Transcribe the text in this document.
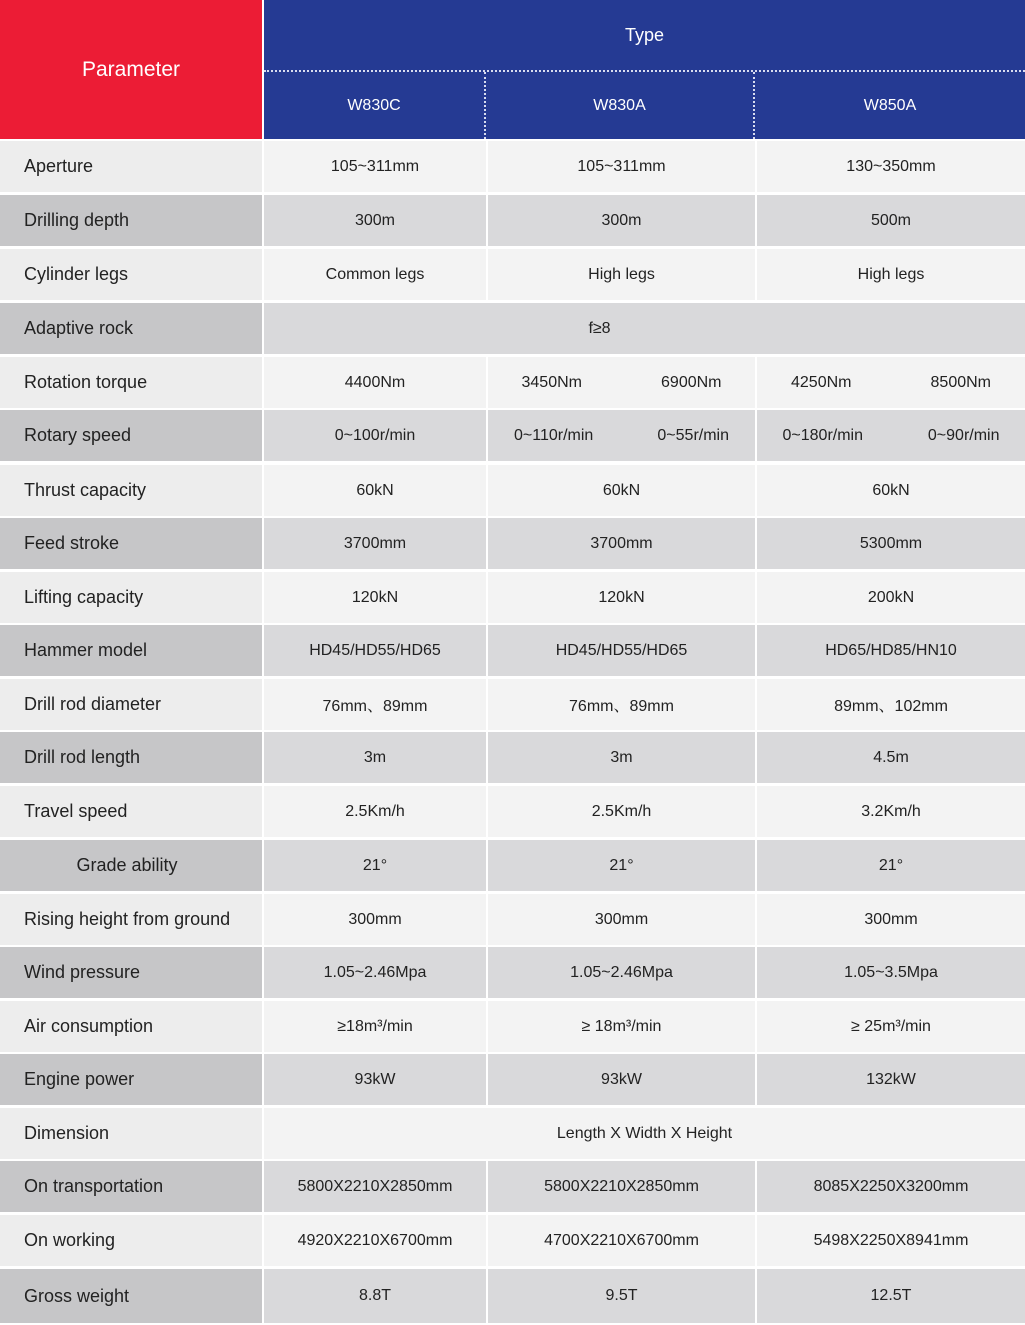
Parameter
Type
W830C	W830A	W850A
Aperture	105~311mm	105~311mm	130~350mm
Drilling depth	300m	300m	500m
Cylinder legs	Common legs	High legs	High legs
Adaptive rock	f≥8
Rotation torque	4400Nm	3450Nm	6900Nm	4250Nm	8500Nm
Rotary speed	0~100r/min	0~110r/min	0~55r/min	0~180r/min	0~90r/min
Thrust capacity	60kN	60kN	60kN
Feed stroke	3700mm	3700mm	5300mm
Lifting capacity	120kN	120kN	200kN
Hammer model	HD45/HD55/HD65	HD45/HD55/HD65	HD65/HD85/HN10
Drill rod diameter	76mm、89mm	76mm、89mm	89mm、102mm
Drill rod length	3m	3m	4.5m
Travel speed	2.5Km/h	2.5Km/h	3.2Km/h
Grade ability	21°	21°	21°
Rising height from ground	300mm	300mm	300mm
Wind pressure	1.05~2.46Mpa	1.05~2.46Mpa	1.05~3.5Mpa
Air consumption	≥18m³/min	≥ 18m³/min	≥ 25m³/min
Engine power	93kW	93kW	132kW
Dimension	Length X Width X Height
On transportation	5800X2210X2850mm	5800X2210X2850mm	8085X2250X3200mm
On working	4920X2210X6700mm	4700X2210X6700mm	5498X2250X8941mm
Gross weight	8.8T	9.5T	12.5T
